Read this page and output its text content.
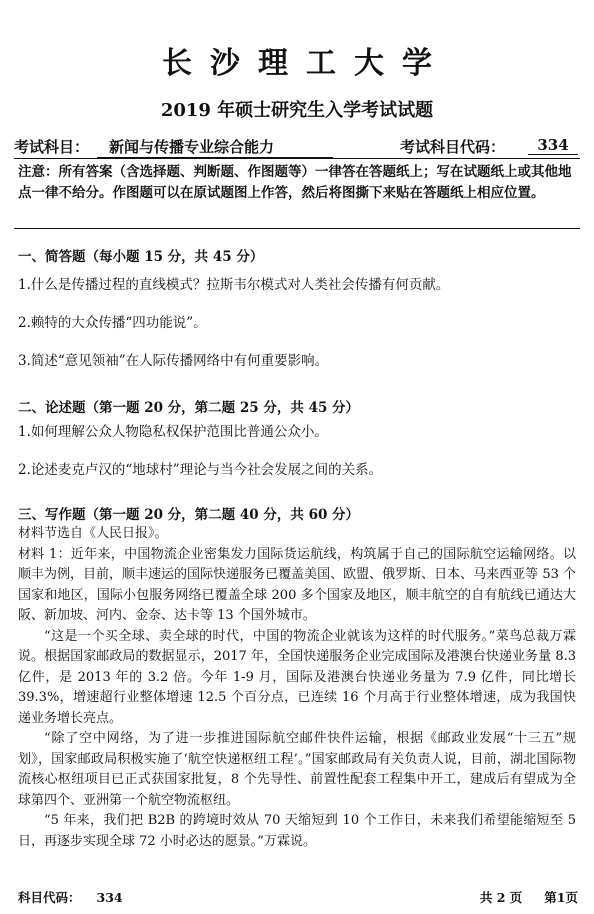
长沙理工大学
2019 年硕士研究生入学考试试题
考试科目： 新闻与传播专业综合能力	考试科目代码：	334
注意：所有答案（含选择题、判断题、作图题等）一律答在答题纸上；写在试题纸上或其他地点一律不给分。作图题可以在原试题图上作答，然后将图撕下来贴在答题纸上相应位置。
一、简答题（每小题 15 分，共 45 分）
1.什么是传播过程的直线模式？拉斯韦尔模式对人类社会传播有何贡献。
2.赖特的大众传播“四功能说”。
3.简述“意见领袖”在人际传播网络中有何重要影响。
二、论述题（第一题 20 分，第二题 25 分，共 45 分）
1.如何理解公众人物隐私权保护范围比普通公众小。
2.论述麦克卢汉的“地球村”理论与当今社会发展之间的关系。
三、写作题（第一题 20 分，第二题 40 分，共 60 分）

材料节选自《人民日报》。

材料 1：近年来，中国物流企业密集发力国际货运航线，构筑属于自己的国际航空运输网络。以顺丰为例，目前，顺丰速运的国际快递服务已覆盖美国、欧盟、俄罗斯、日本、马来西亚等 53 个国家和地区，国际小包服务网络已覆盖全球 200 多个国家及地区，顺丰航空的自有航线已通达大阪、新加坡、河内、金奈、达卡等 13 个国外城市。

“这是一个买全球、卖全球的时代，中国的物流企业就该为这样的时代服务。”菜鸟总裁万霖说。根据国家邮政局的数据显示，2017 年，全国快递服务企业完成国际及港澳台快递业务量 8.3 亿件，是 2013 年的 3.2 倍。今年 1-9 月，国际及港澳台快递业务量为 7.9 亿件，同比增长 39.3%，增速超行业整体增速 12.5 个百分点，已连续 16 个月高于行业整体增速，成为我国快递业务增长亮点。

“除了空中网络，为了进一步推进国际航空邮件快件运输，根据《邮政业发展“十三五”规划》，国家邮政局积极实施了‘航空快递枢纽工程’。”国家邮政局有关负责人说，目前，湖北国际物流核心枢纽项目已正式获国家批复，8 个先导性、前置性配套工程集中开工，建成后有望成为全球第四个、亚洲第一个航空物流枢纽。

“5 年来，我们把 B2B 的跨境时效从 70 天缩短到 10 个工作日，未来我们希望能缩短至 5 日，再逐步实现全球 72 小时必达的愿景。”万霖说。

科目代码： 334	共 2 页 第1页
